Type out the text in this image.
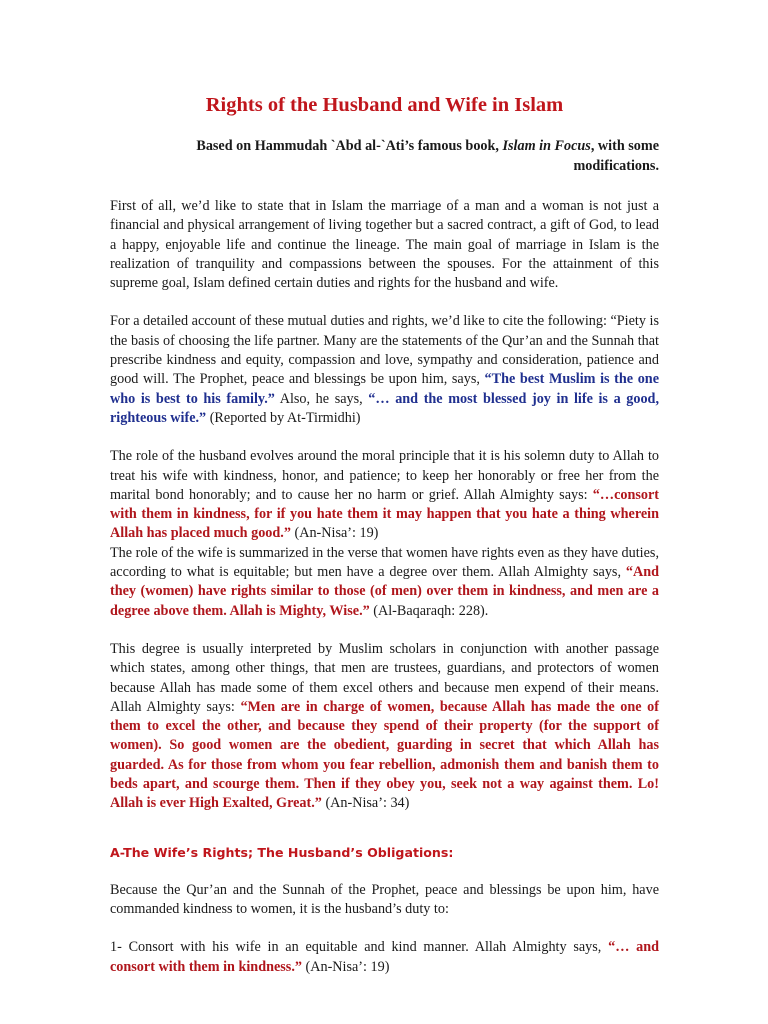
Rights of the Husband and Wife in Islam
Based on Hammudah `Abd al-`Ati’s famous book, Islam in Focus, with some modifications.

First of all, we’d like to state that in Islam the marriage of a man and a woman is not just a financial and physical arrangement of living together but a sacred contract, a gift of God, to lead a happy, enjoyable life and continue the lineage. The main goal of marriage in Islam is the realization of tranquility and compassions between the spouses. For the attainment of this supreme goal, Islam defined certain duties and rights for the husband and wife.

For a detailed account of these mutual duties and rights, we’d like to cite the following: “Piety is the basis of choosing the life partner. Many are the statements of the Qur’an and the Sunnah that prescribe kindness and equity, compassion and love, sympathy and consideration, patience and good will. The Prophet, peace and blessings be upon him, says, “The best Muslim is the one who is best to his family.” Also, he says, “… and the most blessed joy in life is a good, righteous wife.” (Reported by At-Tirmidhi)

The role of the husband evolves around the moral principle that it is his solemn duty to Allah to treat his wife with kindness, honor, and patience; to keep her honorably or free her from the marital bond honorably; and to cause her no harm or grief. Allah Almighty says: “…consort with them in kindness, for if you hate them it may happen that you hate a thing wherein Allah has placed much good.” (An-Nisa’: 19)

The role of the wife is summarized in the verse that women have rights even as they have duties, according to what is equitable; but men have a degree over them. Allah Almighty says, “And they (women) have rights similar to those (of men) over them in kindness, and men are a degree above them. Allah is Mighty, Wise.” (Al-Baqaraqh: 228).

This degree is usually interpreted by Muslim scholars in conjunction with another passage which states, among other things, that men are trustees, guardians, and protectors of women because Allah has made some of them excel others and because men expend of their means. Allah Almighty says: “Men are in charge of women, because Allah has made the one of them to excel the other, and because they spend of their property (for the support of women). So good women are the obedient, guarding in secret that which Allah has guarded. As for those from whom you fear rebellion, admonish them and banish them to beds apart, and scourge them. Then if they obey you, seek not a way against them. Lo! Allah is ever High Exalted, Great.” (An-Nisa’: 34)

A-The Wife’s Rights; The Husband’s Obligations:

Because the Qur’an and the Sunnah of the Prophet, peace and blessings be upon him, have commanded kindness to women, it is the husband’s duty to:

1- Consort with his wife in an equitable and kind manner. Allah Almighty says, “… and consort with them in kindness.” (An-Nisa’: 19)
